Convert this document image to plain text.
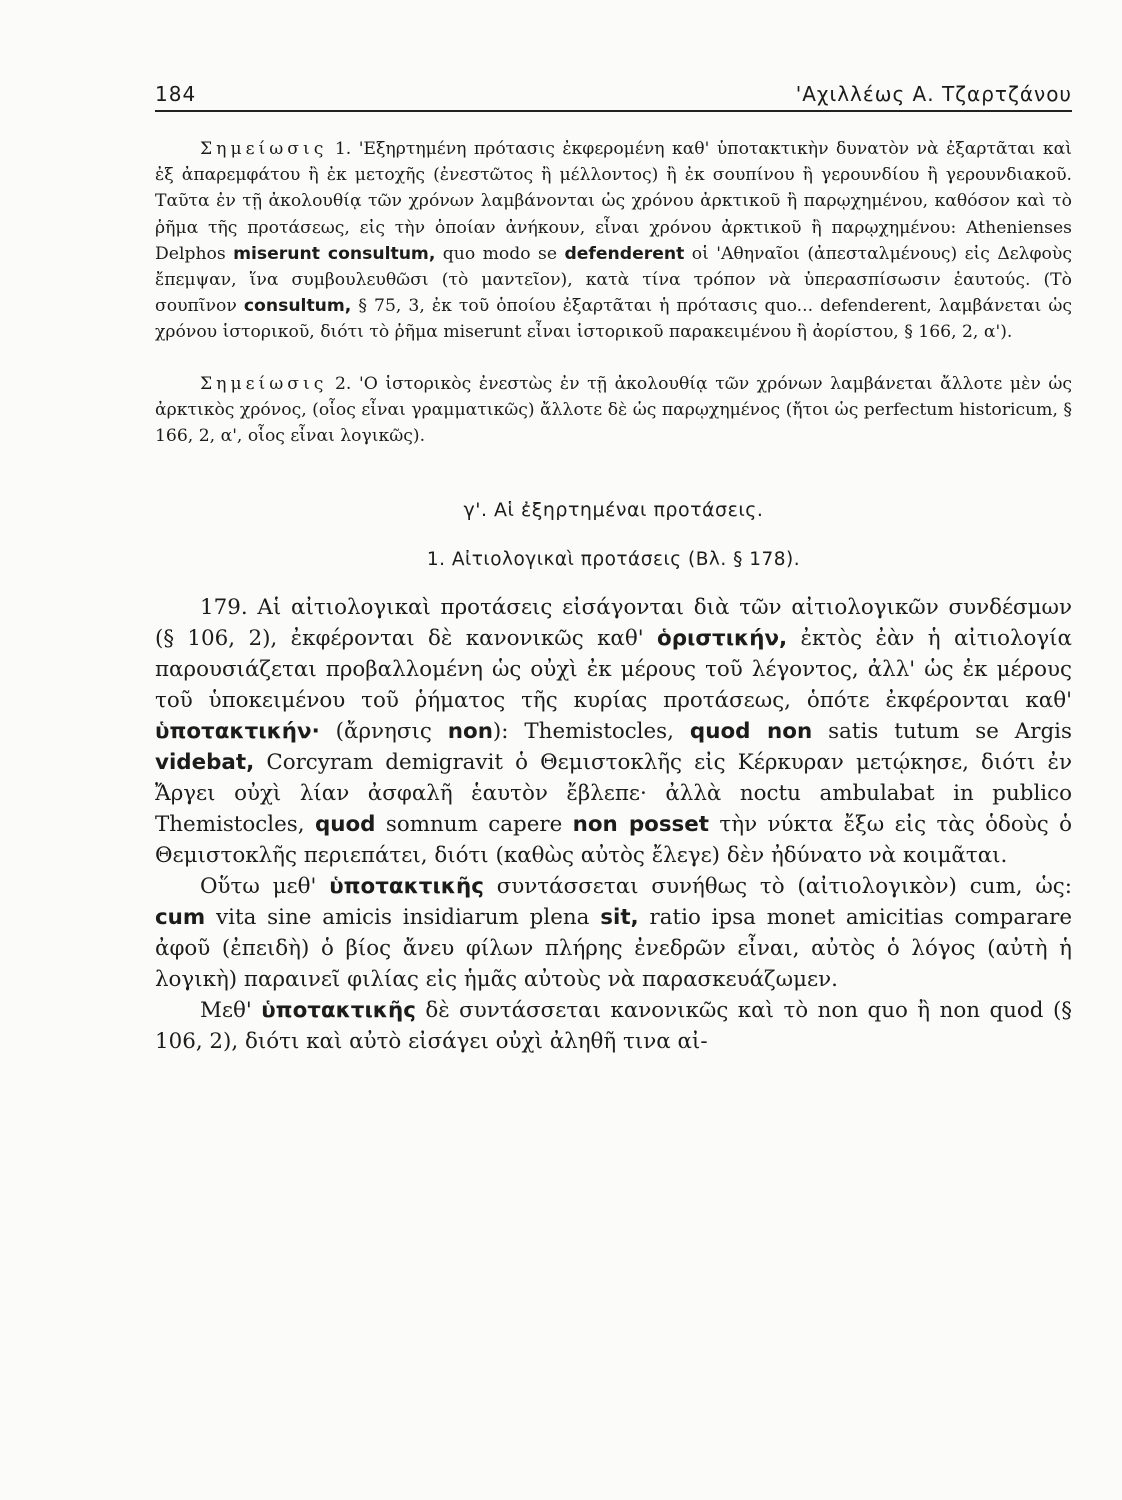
184	'Αχιλλέως Α. Τζαρτζάνου

Σημείωσις 1. 'Εξηρτημένη πρότασις ἐκφερομένη καθ' ὑποτακτικὴν δυνατὸν νὰ ἐξαρτᾶται καὶ ἐξ ἀπαρεμφάτου ἢ ἐκ μετοχῆς (ἐνεστῶτος ἢ μέλλοντος) ἢ ἐκ σουπίνου ἢ γερουνδίου ἢ γερουνδιακοῦ. Ταῦτα ἐν τῇ ἀκολουθίᾳ τῶν χρόνων λαμβάνονται ὡς χρόνου ἀρκτικοῦ ἢ παρῳχημένου, καθόσον καὶ τὸ ῥῆμα τῆς προτάσεως, εἰς τὴν ὁποίαν ἀνήκουν, εἶναι χρόνου ἀρκτικοῦ ἢ παρῳχημένου: Athenienses Delphos miserunt consultum, quo modo se defenderent οἱ 'Αθηναῖοι (ἀπεσταλμένους) εἰς Δελφοὺς ἔπεμψαν, ἵνα συμβουλευθῶσι (τὸ μαντεῖον), κατὰ τίνα τρόπον νὰ ὑπερασπίσωσιν ἑαυτούς. (Τὸ σουπῖνον consultum, § 75, 3, ἐκ τοῦ ὁποίου ἐξαρτᾶται ἡ πρότασις quo... defenderent, λαμβάνεται ὡς χρόνου ἱστορικοῦ, διότι τὸ ῥῆμα miserunt εἶναι ἱστορικοῦ παρακειμένου ἢ ἀορίστου, § 166, 2, α').

Σημείωσις 2. 'Ο ἱστορικὸς ἐνεστὼς ἐν τῇ ἀκολουθίᾳ τῶν χρόνων λαμβάνεται ἄλλοτε μὲν ὡς ἀρκτικὸς χρόνος, (οἷος εἶναι γραμματικῶς) ἄλλοτε δὲ ὡς παρῳχημένος (ἤτοι ὡς perfectum historicum, § 166, 2, α', οἷος εἶναι λογικῶς).

γ'. Αἱ ἐξηρτημέναι προτάσεις.

1. Αἰτιολογικαὶ προτάσεις (Βλ. § 178).

179. Αἱ αἰτιολογικαὶ προτάσεις εἰσάγονται διὰ τῶν αἰτιολογικῶν συνδέσμων (§ 106, 2), ἐκφέρονται δὲ κανονικῶς καθ' ὁριστικήν, ἐκτὸς ἐὰν ἡ αἰτιολογία παρουσιάζεται προβαλλομένη ὡς οὐχὶ ἐκ μέρους τοῦ λέγοντος, ἀλλ' ὡς ἐκ μέρους τοῦ ὑποκειμένου τοῦ ῥήματος τῆς κυρίας προτάσεως, ὁπότε ἐκφέρονται καθ' ὑποτακτικήν· (ἄρνησις non): Themistocles, quod non satis tutum se Argis videbat, Corcyram demigravit ὁ Θεμιστοκλῆς εἰς Κέρκυραν μετῴκησε, διότι ἐν Ἄργει οὐχὶ λίαν ἀσφαλῆ ἑαυτὸν ἔβλεπε· ἀλλὰ noctu ambulabat in publico Themistocles, quod somnum capere non posset τὴν νύκτα ἔξω εἰς τὰς ὁδοὺς ὁ Θεμιστοκλῆς περιεπάτει, διότι (καθὼς αὐτὸς ἔλεγε) δὲν ἠδύνατο νὰ κοιμᾶται.

Οὕτω μεθ' ὑποτακτικῆς συντάσσεται συνήθως τὸ (αἰτιολογικὸν) cum, ὡς: cum vita sine amicis insidiarum plena sit, ratio ipsa monet amicitias comparare ἀφοῦ (ἐπειδὴ) ὁ βίος ἄνευ φίλων πλήρης ἐνεδρῶν εἶναι, αὐτὸς ὁ λόγος (αὐτὴ ἡ λογικὴ) παραινεῖ φιλίας εἰς ἡμᾶς αὐτοὺς νὰ παρασκευάζωμεν.

Μεθ' ὑποτακτικῆς δὲ συντάσσεται κανονικῶς καὶ τὸ non quo ἢ non quod (§ 106, 2), διότι καὶ αὐτὸ εἰσάγει οὐχὶ ἀληθῆ τινα αἰ-
